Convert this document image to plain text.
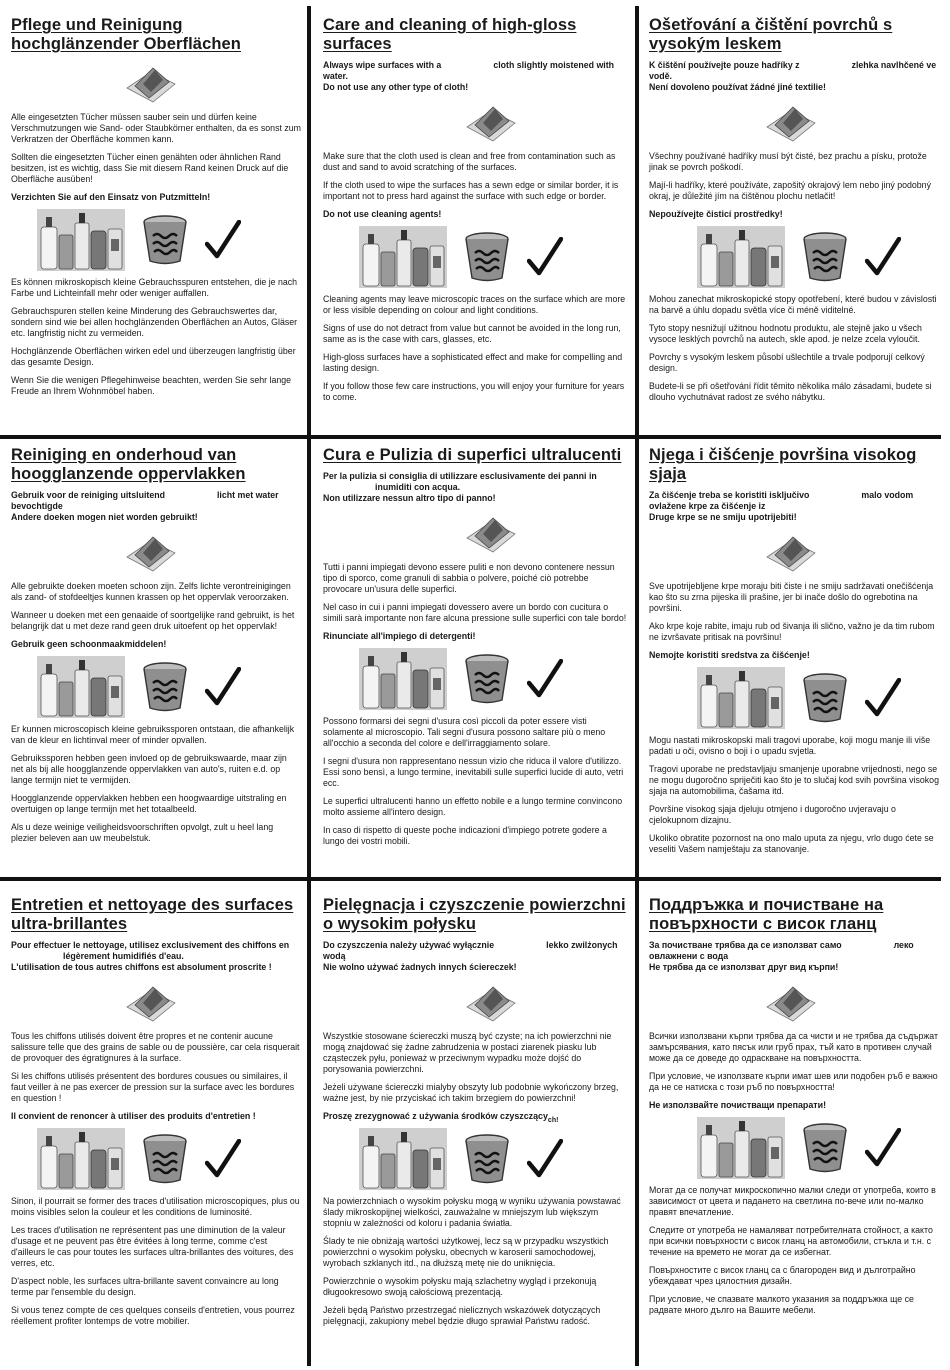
Pflege und Reinigung hochglänzender Oberflächen

Alle eingesetzten Tücher müssen sauber sein und dürfen keine Verschmutzungen wie Sand- oder Staubkörner enthalten, da es sonst zum Verkratzen der Oberfläche kommen kann.

Sollten die eingesetzten Tücher einen genähten oder ähnlichen Rand besitzen, ist es wichtig, dass Sie mit diesem Rand keinen Druck auf die Oberfläche ausüben!

Verzichten Sie auf den Einsatz von Putzmitteln!

Es können mikroskopisch kleine Gebrauchsspuren entstehen, die je nach Farbe und Lichteinfall mehr oder weniger auffallen.

Gebrauchspuren stellen keine Minderung des Gebrauchswertes dar, sondern sind wie bei allen hochglänzenden Oberflächen an Autos, Gläser etc. langfristig nicht zu vermeiden.

Hochglänzende Oberflächen wirken edel und überzeugen langfristig über das gesamte Design.

Wenn Sie die wenigen Pflegehinweise beachten, werden Sie sehr lange Freude an Ihrem Wohnmöbel haben.

Care and cleaning of high-gloss surfaces
Always wipe surfaces with a	cloth slightly moistened with water.
Do not use any other type of cloth!

Make sure that the cloth used is clean and free from contamination such as dust and sand to avoid scratching of the surfaces.

If the cloth used to wipe the surfaces has a sewn edge or similar border, it is important not to press hard against the surface with such edge or border.

Do not use cleaning agents!

Cleaning agents may leave microscopic traces on the surface which are more or less visible depending on colour and light conditions.

Signs of use do not detract from value but cannot be avoided in the long run, same as is the case with cars, glasses, etc.

High-gloss surfaces have a sophisticated effect and make for compelling and lasting design.

If you follow those few care instructions, you will enjoy your furniture for years to come.

Ošetřování a čištění povrchů s vysokým leskem
K čištění používejte pouze hadříky z	zlehka navlhčené ve vodě.
Není dovoleno používat žádné jiné textilie!

Všechny používané hadříky musí být čisté, bez prachu a písku, protože jinak se povrch poškodí.

Mají-li hadříky, které používáte, zapošitý okrajový lem nebo jiný podobný okraj, je důležité jím na čištěnou plochu netlačit!

Nepoužívejte čisticí prostředky!

Mohou zanechat mikroskopické stopy opotřebení, které budou v závislosti na barvě a úhlu dopadu světla více či méně viditelné.

Tyto stopy nesnižují užitnou hodnotu produktu, ale stejně jako u všech vysoce lesklých povrchů na autech, skle apod. je nelze zcela vyloučit.

Povrchy s vysokým leskem působí ušlechtile a trvale podporují celkový design.

Budete-li se při ošetřování řídit těmito několika málo zásadami, budete si dlouho vychutnávat radost ze svého nábytku.

Reiniging en onderhoud van hoogglanzende oppervlakken
Gebruik voor de reiniging uitsluitend	licht met water bevochtigde
Andere doeken mogen niet worden gebruikt!

Alle gebruikte doeken moeten schoon zijn. Zelfs lichte verontreinigingen als zand- of stofdeeltjes kunnen krassen op het oppervlak veroorzaken.

Wanneer u doeken met een genaaide of soortgelijke rand gebruikt, is het belangrijk dat u met deze rand geen druk uitoefent op het oppervlak!

Gebruik geen schoonmaakmiddelen!

Er kunnen microscopisch kleine gebruikssporen ontstaan, die afhankelijk van de kleur en lichtinval meer of minder opvallen.

Gebruikssporen hebben geen invloed op de gebruikswaarde, maar zijn net als bij alle hoogglanzende oppervlakken van auto's, ruiten e.d. op lange termijn niet te vermijden.

Hoogglanzende oppervlakken hebben een hoogwaardige uitstraling en overtuigen op lange termijn met het totaalbeeld.

Als u deze weinige veiligheidsvoorschriften opvolgt, zult u heel lang plezier beleven aan uw meubelstuk.

Cura e Pulizia di superfici ultralucenti
Per la pulizia si consiglia di utilizzare esclusivamente dei panni ininumiditi con acqua.
Non utilizzare nessun altro tipo di panno!

Tutti i panni impiegati devono essere puliti e non devono contenere nessun tipo di sporco, come granuli di sabbia o polvere, poiché ciò potrebbe provocare un'usura delle superfici.

Nel caso in cui i panni impiegati dovessero avere un bordo con cucitura o simili sarà importante non fare alcuna pressione sulle superfici con tale bordo!

Rinunciate all'impiego di detergenti!

Possono formarsi dei segni d'usura così piccoli da poter essere visti solamente al microscopio. Tali segni d'usura possono saltare più o meno all'occhio a seconda del colore e dell'irraggiamento solare.

I segni d'usura non rappresentano nessun vizio che riduca il valore d'utilizzo. Essi sono bensì, a lungo termine, inevitabili sulle superfici lucide di auto, vetri ecc.

Le superfici ultralucenti hanno un effetto nobile e a lungo termine convincono molto assieme all'intero design.

In caso di rispetto di queste poche indicazioni d'impiego potrete godere a lungo dei vostri mobili.

Njega i čišćenje površina visokog sjaja
Za čišćenje treba se koristiti isključivo	malo vodom ovlažene krpe za čišćenje iz
Druge krpe se ne smiju upotrijebiti!

Sve upotrijebljene krpe moraju biti čiste i ne smiju sadržavati onečišćenja kao što su zrna pijeska ili prašine, jer bi inače došlo do ogrebotina na površini.

Ako krpe koje rabite, imaju rub od šivanja ili slično, važno je da tim rubom ne izvršavate pritisak na površinu!

Nemojte koristiti sredstva za čišćenje!

Mogu nastati mikroskopski mali tragovi uporabe, koji mogu manje ili više padati u oči, ovisno o boji i o upadu svjetla.

Tragovi uporabe ne predstavljaju smanjenje uporabne vrijednosti, nego se ne mogu dugoročno spriječiti kao što je to slučaj kod svih površina visokog sjaja na automobilima, čašama itd.

Površine visokog sjaja djeluju otmjeno i dugoročno uvjeravaju o cjelokupnom dizajnu.

Ukoliko obratite pozornost na ono malo uputa za njegu, vrlo dugo ćete se veseliti Vašem namještaju za stanovanje.

Entretien et nettoyage des surfaces ultra-brillantes
Pour effectuer le nettoyage, utilisez exclusivement des chiffons enlégèrement humidifiés d'eau.
L'utilisation de tous autres chiffons est absolument proscrite !

Tous les chiffons utilisés doivent être propres et ne contenir aucune salissure telle que des grains de sable ou de poussière, car cela risquerait de provoquer des égratignures à la surface.

Si les chiffons utilisés présentent des bordures cousues ou similaires, il faut veiller à ne pas exercer de pression sur la surface avec les bordures en question !

Il convient de renoncer à utiliser des produits d'entretien !

Sinon, il pourrait se former des traces d'utilisation microscopiques, plus ou moins visibles selon la couleur et les conditions de luminosité.

Les traces d'utilisation ne représentent pas une diminution de la valeur d'usage et ne peuvent pas être évitées à long terme, comme c'est d'ailleurs le cas pour toutes les surfaces ultra-brillantes des voitures, des verres, etc.

D'aspect noble, les surfaces ultra-brillante savent convaincre au long terme par l'ensemble du design.

Si vous tenez compte de ces quelques conseils d'entretien, vous pourrez réellement profiter lontemps de votre mobilier.

Pielęgnacja i czyszczenie powierzchni o wysokim połysku
Do czyszczenia należy używać wyłącznie	lekko zwilżonych wodą
Nie wolno używać żadnych innych ściereczek!

Wszystkie stosowane ściereczki muszą być czyste; na ich powierzchni nie mogą znajdować się żadne zabrudzenia w postaci ziarenek piasku lub cząsteczek pyłu, ponieważ w przeciwnym wypadku może dojść do porysowania powierzchni.

Jeżeli używane ściereczki mialyby obszyty lub podobnie wykończony brzeg, ważne jest, by nie przyciskać ich takim brzegiem do powierzchni!

Proszę zrezygnować z używania środków czyszczący$_{ch!}$

Na powierzchniach o wysokim połysku mogą w wyniku używania powstawać ślady mikroskopijnej wielkości, zauważalne w mniejszym lub większym stopniu w zależności od koloru i padania światła.

Ślady te nie obniżają wartości użytkowej, lecz są w przypadku wszystkich powierzchni o wysokim połysku, obecnych w karoserii samochodowej, wyrobach szklanych itd., na dłuższą metę nie do uniknięcia.

Powierzchnie o wysokim połysku mają szlachetny wygląd i przekonują długookresowo swoją całościową prezentacją.

Jeżeli będą Państwo przestrzegać nielicznych wskazówek dotyczących pielęgnacji, zakupiony mebel będzie długo sprawiał Państwu radość.

Поддръжка и почистване на повърхности с висок гланц
За почистване трябва да се използват само	леко овлажнени с вода
Не трябва да се използват друг вид кърпи!

Всички използвани кърпи трябва да са чисти и не трябва да съдържат замърсявания, като пясък или груб прах, тъй като в противен случай може да се доведе до одраскване на повърхността.

При условие, че използвате кърпи имат шев или подобен ръб е важно да не се натиска с този ръб по повърхността!

Не използвайте почистващи препарати!

Могат да се получат микроскопично малки следи от употреба, които в зависимост от цвета и падането на светлина по-вече или по-малко правят впечатление.

Следите от употреба не намаляват потребителната стойност, а както при всички повърхности с висок гланц на автомобили, стъкла и т.н. с течение на времето не могат да се избегнат.

Повърхностите с висок гланц са с благороден вид и дълготрайно убеждават чрез цялостния дизайн.

При условие, че спазвате малкото указания за поддръжка ще се радвате много дълго на Вашите мебели.
